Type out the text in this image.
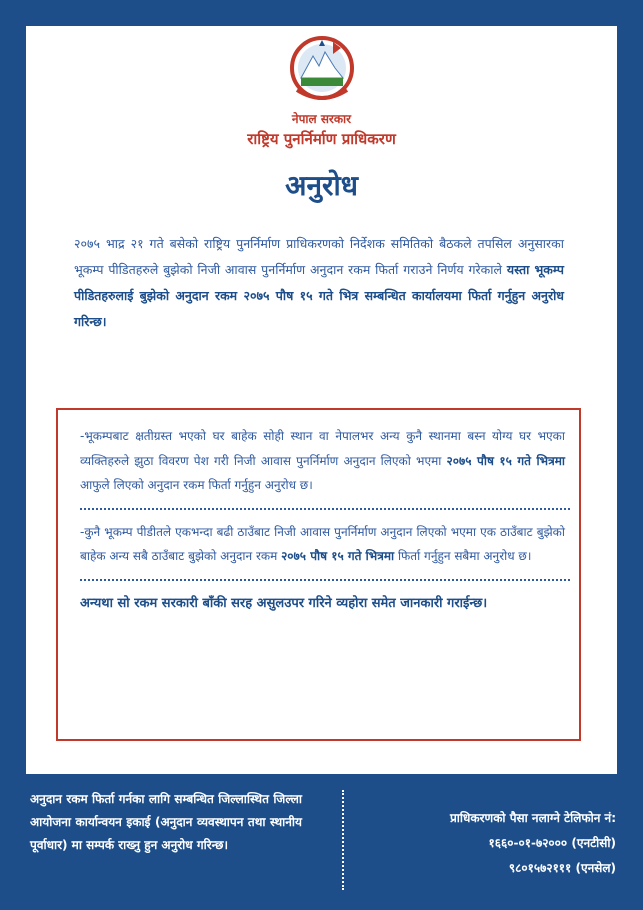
नेपाल सरकार
राष्ट्रिय पुनर्निर्माण प्राधिकरण
अनुरोध
२०७५ भाद्र २१ गते बसेको राष्ट्रिय पुनर्निर्माण प्राधिकरणको निर्देशक समितिको बैठकले तपसिल अनुसारका भूकम्प पीडितहरुले बुझेको निजी आवास पुनर्निर्माण अनुदान रकम फिर्ता गराउने निर्णय गरेकाले यस्ता भूकम्प पीडितहरुलाई बुझेको अनुदान रकम २०७५ पौष १५ गते भित्र सम्बन्धित कार्यालयमा फिर्ता गर्नुहुन अनुरोध गरिन्छ।
-भूकम्पबाट क्षतीग्रस्त भएको घर बाहेक सोही स्थान वा नेपालभर अन्य कुनै स्थानमा बस्न योग्य घर भएका व्यक्तिहरुले झुठा विवरण पेश गरी निजी आवास पुनर्निर्माण अनुदान लिएको भएमा २०७५ पौष १५ गते भित्रमा आफुले लिएको अनुदान रकम फिर्ता गर्नुहुन अनुरोध छ।
-कुनै भूकम्प पीडीतले एकभन्दा बढी ठाउँबाट निजी आवास पुनर्निर्माण अनुदान लिएको भएमा एक ठाउँबाट बुझेको बाहेक अन्य सबै ठाउँबाट बुझेको अनुदान रकम २०७५ पौष १५ गते भित्रमा फिर्ता गर्नुहुन सबैमा अनुरोध छ।
अन्यथा सो रकम सरकारी बाँकी सरह असुलउपर गरिने व्यहोरा समेत जानकारी गराईन्छ।
अनुदान रकम फिर्ता गर्नका लागि सम्बन्धित जिल्लास्थित जिल्ला आयोजना कार्यान्वयन इकाई (अनुदान व्यवस्थापन तथा स्थानीय पूर्वाधार) मा सम्पर्क राख्नु हुन अनुरोध गरिन्छ।
प्राधिकरणको पैसा नलाग्ने टेलिफोन नं:
१६६०-०१-७२००० (एनटीसी)
९८०१५७२१११ (एनसेल)
